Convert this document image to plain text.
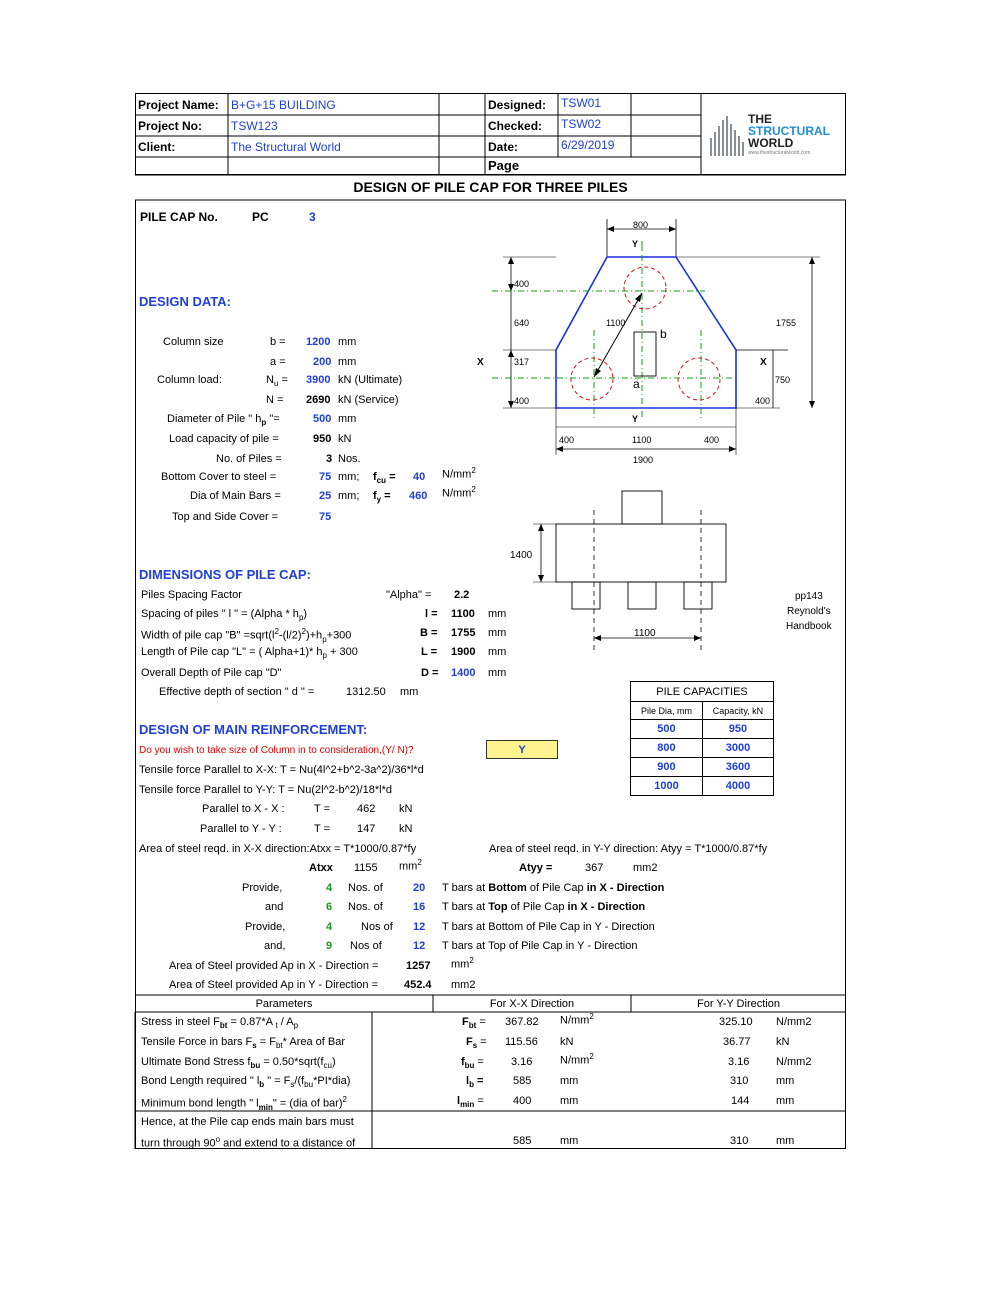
Project Name: B+G+15 BUILDING
Project No: TSW123
Client:	The Structural World
Designed: TSW01
Checked: TSW02
Date:	6/29/2019
Page
THE
STRUCTURAL
WORLD
www.thestructuralworld.com
DESIGN OF PILE CAP FOR THREE PILES
PILE CAP No.	PC	3
DESIGN DATA:
Column size	b = 1200 mm
a = 200 mm
Column load:	$N_u = 3900$ kN (Ultimate)
N = 2690 kN (Service)
Diameter of Pile " $h_p$ "=	500 mm
Load capacity of pile =	950 kN
No. of Piles =	3 Nos.
Bottom Cover to steel =	75 mm; $f_{cu} = 40$ $N/mm^2$
Dia of Main Bars =	25 mm; $f_y = 460$ $N/mm^2$
Top and Side Cover =	75
800
Y
b
a
1100
400
640
317
400
X
1755
750
400
X
Y
400	1100	400
1900
1400
1100
DIMENSIONS OF PILE CAP:
Piles Spacing Factor	"Alpha" = 2.2
Spacing of piles " l " = (Alpha * $h_p$)	l = 1100 mm
Width of pile cap "B" $=sqrt(l^2-(l/2)^2)+h_p+300$	B = 1755 mm
Length of Pile cap "L" = ( Alpha+1)* $h_p + 300$	L = 1900 mm
Overall Depth of Pile cap "D"	D = 1400 mm
Effective depth of section " d " =	1312.50 mm
pp143
Reynold's
Handbook
PILE CAPACITIES	
Pile Dia, mm	Capacity, kN
500	950
800	3000
900	3600
1000	4000
DESIGN OF MAIN REINFORCEMENT:
Do you wish to take size of Column in to consideration,(Y/ N)?	Y
Tensile force Parallel to X-X: T = Nu(4l^2+b^2-3a^2)/36*l*d
Tensile force Parallel to Y-Y: T = Nu(2l^2-b^2)/18*l*d
Parallel to X - X :	T = 462 kN
Parallel to Y - Y :	T = 147 kN
Area of steel reqd. in X-X direction:Atxx = T*1000/0.87*fy	Area of steel reqd. in Y-Y direction: Atyy = T*1000/0.87*fy
Atxx 1155 $mm^2$	Atyy =	367	mm2
Provide,	4 Nos. of	20 T bars at Bottom of Pile Cap in X - Direction
and	6 Nos. of	16 T bars at Top of Pile Cap in X - Direction
Provide,	4	Nos of 12 T bars at Bottom of Pile Cap in Y - Direction
and,	9 Nos of	12 T bars at Top of Pile Cap in Y - Direction
Area of Steel provided Ap in X - Direction =	1257 $mm^2$
Area of Steel provided Ap in Y - Direction = 452.4 mm2
Parameters	For X-X Direction	For Y-Y Direction
Stress in steel $F_{bt} = 0.87*A$ $_t / A_p$	$F_{bt} = 367.82$ $N/mm^2$	325.10 N/mm2
Tensile Force in bars $F_s = F_{bt}*$ Area of Bar	$F_s = 115.56$ kN	36.77 kN
Ultimate Bond Stress $f_{bu}$ = $0.50*sqrt(f_{cu})$	$f_{bu} = 3.16$	$N/mm^2$	3.16 N/mm2
Bond Length required " $l_b$ " = $F_s/(f_{bu}*PI*dia)$	$l_b$ =	585	mm	310	mm
Minimum bond length " $l_{min}$" = (dia of bar)$^2$	$l_{min}$ =	400	mm	144 mm
Hence, at the Pile cap ends main bars must
turn through 90$^o$ and extend to a distance of	585	mm	310	mm
